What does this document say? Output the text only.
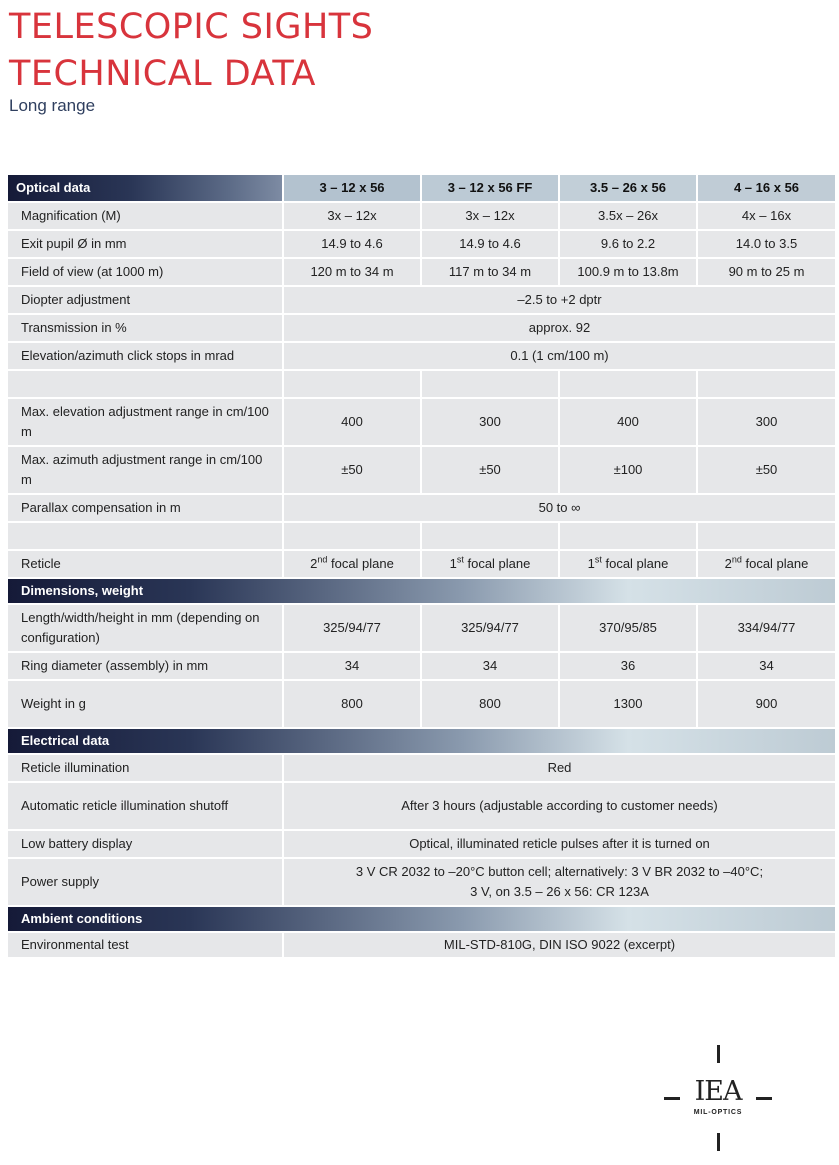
TELESCOPIC SIGHTS
TECHNICAL DATA
Long range
Optical data	3 – 12 x 56	3 – 12 x 56 FF	3.5 – 26 x 56	4 – 16 x 56
Magnification (M)	3x – 12x	3x – 12x	3.5x – 26x	4x – 16x
Exit pupil Ø in mm	14.9 to 4.6	14.9 to 4.6	9.6 to 2.2	14.0 to 3.5
Field of view (at 1000 m)	120 m to 34 m	117 m to 34 m	100.9 m to 13.8m	90 m to 25 m
Diopter adjustment	–2.5 to +2 dptr			
Transmission in %	approx. 92			
Elevation/azimuth click stops in mrad	0.1 (1 cm/100 m)			

Max. elevation adjustment range in cm/100 m	400	300	400	300
Max. azimuth adjustment range in cm/100 m	±50	±50	±100	±50
Parallax compensation in m	50 to ∞			

Reticle	2nd focal plane	1st focal plane	1st focal plane	2nd focal plane
Dimensions, weight				
Length/width/height in mm (depending on configuration)	325/94/77	325/94/77	370/95/85	334/94/77
Ring diameter (assembly) in mm	34	34	36	34
Weight in g	800	800	1300	900
Electrical data				
Reticle illumination	Red			
Automatic reticle illumination shutoff	After 3 hours (adjustable according to customer needs)			
Low battery display	Optical, illuminated reticle pulses after it is turned on			
Power supply	3 V CR 2032 to –20°C button cell; alternatively: 3 V BR 2032 to –40°C;
3 V, on 3.5 – 26 x 56: CR 123A			

Ambient conditions				
Environmental test	MIL-STD-810G, DIN ISO 9022 (excerpt)			
IEA
MIL-OPTICS
